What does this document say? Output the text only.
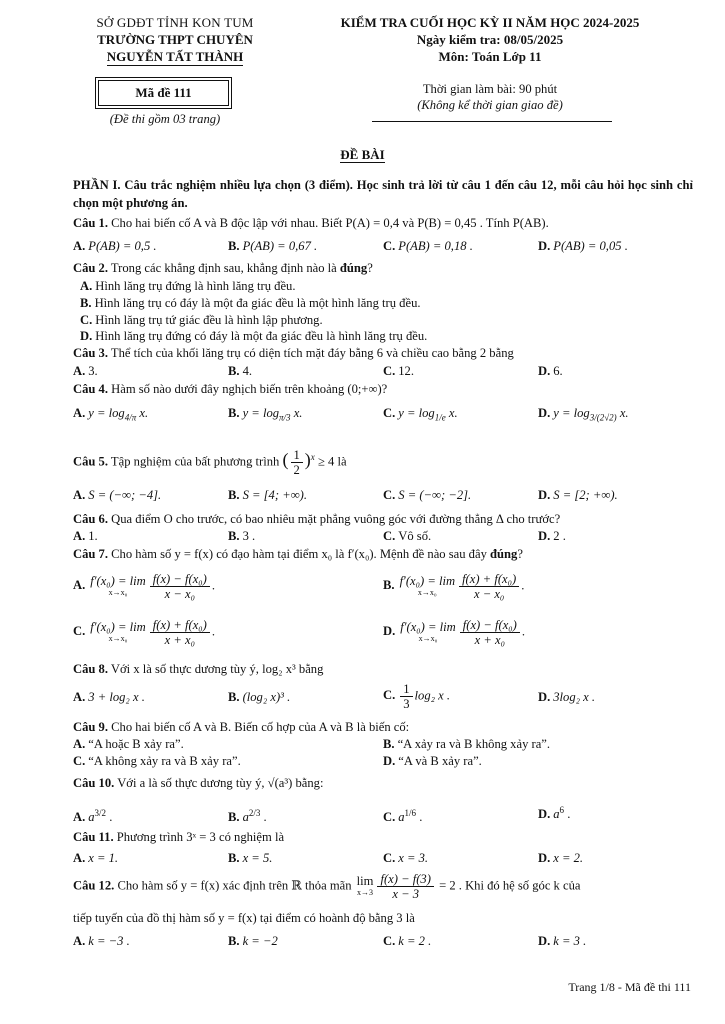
SỞ GDĐT TỈNH KON TUM
TRƯỜNG THPT CHUYÊN
NGUYỄN TẤT THÀNH
Mã đề 111
(Đề thi gồm 03 trang)
KIỂM TRA CUỐI HỌC KỲ II NĂM HỌC 2024-2025
Ngày kiểm tra: 08/05/2025
Môn: Toán Lớp 11
Thời gian làm bài: 90 phút
(Không kể thời gian giao đề)
ĐỀ BÀI
PHẦN I. Câu trắc nghiệm nhiều lựa chọn (3 điểm). Học sinh trả lời từ câu 1 đến câu 12, mỗi câu hỏi học sinh chỉ chọn một phương án.
Câu 1. Cho hai biến cố A và B độc lập với nhau. Biết P(A) = 0,4 và P(B) = 0,45 . Tính P(AB).
A. P(AB) = 0,5 .	B. P(AB) = 0,67 .	C. P(AB) = 0,18 .	D. P(AB) = 0,05 .
Câu 2. Trong các khẳng định sau, khẳng định nào là đúng?
A. Hình lăng trụ đứng là hình lăng trụ đều.
B. Hình lăng trụ có đáy là một đa giác đều là một hình lăng trụ đều.
C. Hình lăng trụ tứ giác đều là hình lập phương.
D. Hình lăng trụ đứng có đáy là một đa giác đều là hình lăng trụ đều.
Câu 3. Thể tích của khối lăng trụ có diện tích mặt đáy bằng 6 và chiều cao bằng 2 bằng
A. 3.	B. 4.	C. 12.	D. 6.
Câu 4. Hàm số nào dưới đây nghịch biến trên khoảng (0;+∞)?
A. $y = \log_{4/\pi} x$.	B. $y = \log_{\pi/3} x$.	C. $y = \log_{1/e} x$.	D. $y = \log_{3/(2√2)} x$.
Câu 5. Tập nghiệm của bất phương trình ( $\frac{1}{2} )^x \ge 4$ là
A. S = (−∞; −4].	B. S = [4; +∞).	C. S = (−∞; −2].	D. S = [2; +∞).
Câu 6. Qua điểm O cho trước, có bao nhiêu mặt phẳng vuông góc với đường thẳng Δ cho trước?
A. 1.	B. 3 .	C. Vô số.	D. 2 .
Câu 7. Cho hàm số y = f(x) có đạo hàm tại điểm x₀ là f′(x₀). Mệnh đề nào sau đây đúng?
A. f′(x₀) = lim
$x\to x_0 \frac{\text{f(x) − f(x₀)}}{\text{x − x₀}}$ .	B. f′(x₀) = lim
$x\to x_0 \frac{\text{f(x) + f(x₀)}}{\text{x − x₀}}$ .
C. f′(x₀) = lim
$x\to x_0 \frac{\text{f(x) + f(x₀)}}{\text{x + x₀}}$ .	D. f′(x₀) = lim
$x\to x_0 \frac{\text{f(x) − f(x₀)}}{\text{x + x₀}}$ .
Câu 8. Với x là số thực dương tùy ý, log₂ x³ bằng
A. 3 + log₂ x .	B. (log₂ x)³ .	C. $\frac{1}{3} \log_2$ x .	D. 3log₂ x .
Câu 9. Cho hai biến cố A và B. Biến cố hợp của A và B là biến cố:
A. “A hoặc B xảy ra”.	B. “A xảy ra và B không xảy ra”.
C. “A không xảy ra và B xảy ra”.	D. “A và B xảy ra”.
Câu 10. Với a là số thực dương tùy ý, √(a³) bằng:
A. $a^{3/2}$ .	B. $a^{2/3}$ .	C. $a^{1/6}$ .	D. $a^6$ .
Câu 11. Phương trình 3ˣ = 3 có nghiệm là
A. x = 1.	B. x = 5.	C. x = 3.	D. x = 2.
Câu 12. Cho hàm số y = f(x) xác định trên ℝ thỏa mãn lim
$x\to 3 \frac{f(x) - f(3)}{x - 3} = 2$ . Khi đó hệ số góc k của
tiếp tuyến của đồ thị hàm số y = f(x) tại điểm có hoành độ bằng 3 là
A. k = −3 .	B. k = −2	C. k = 2 .	D. k = 3 .
Trang 1/8 - Mã đề thi 111
